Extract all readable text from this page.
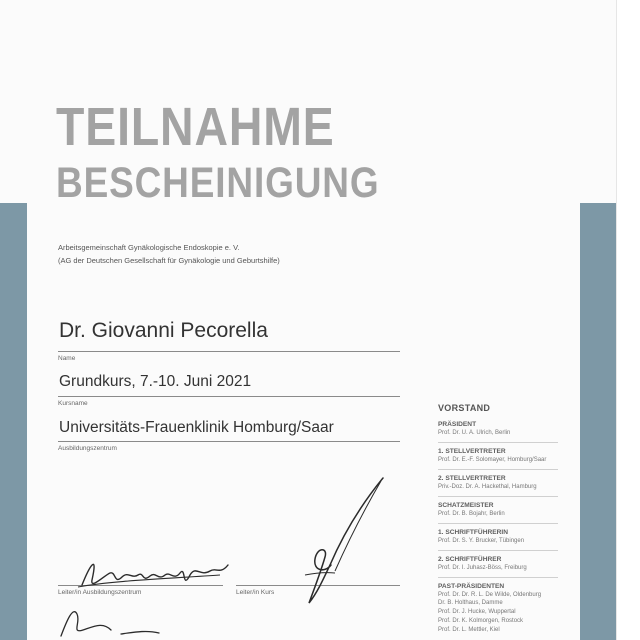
TEILNAHME
BESCHEINIGUNG
Arbeitsgemeinschaft Gynäkologische Endoskopie e. V.
(AG der Deutschen Gesellschaft für Gynäkologie und Geburtshilfe)
Dr. Giovanni Pecorella
Name
Grundkurs, 7.-10. Juni 2021
Kursname
Universitäts-Frauenklinik Homburg/Saar
Ausbildungszentrum
Leiter/in Ausbildungszentrum	Leiter/in Kurs
VORSTAND
PRÄSIDENT
Prof. Dr. U. A. Ulrich, Berlin
1. STELLVERTRETER
Prof. Dr. E.-F. Solomayer, Homburg/Saar
2. STELLVERTRETER
Priv.-Doz. Dr. A. Hackethal, Hamburg
SCHATZMEISTER
Prof. Dr. B. Bojahr, Berlin
1. SCHRIFTFÜHRERIN
Prof. Dr. S. Y. Brucker, Tübingen
2. SCHRIFTFÜHRER
Prof. Dr. I. Juhasz-Böss, Freiburg
PAST-PRÄSIDENTEN
Prof. Dr. Dr. R. L. De Wilde, Oldenburg
Dr. B. Holthaus, Damme
Prof. Dr. J. Hucke, Wuppertal
Prof. Dr. K. Kolmorgen, Rostock
Prof. Dr. L. Mettler, Kiel
